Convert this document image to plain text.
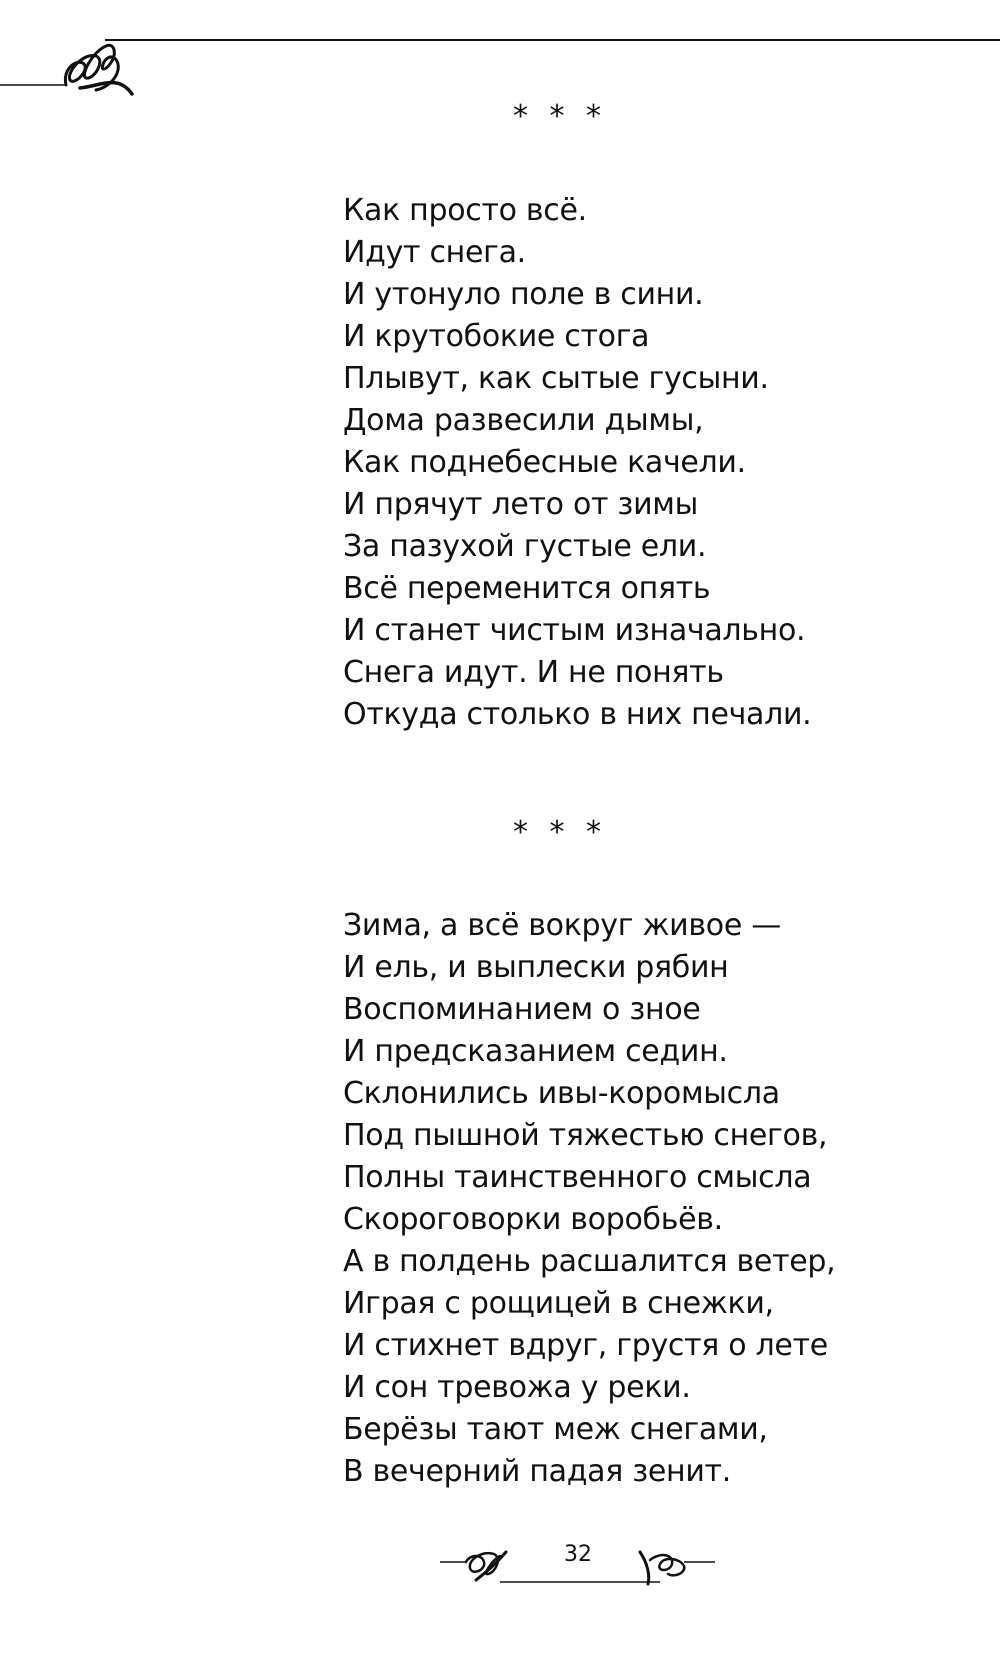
* * *
Как просто всё.
Идут снега.
И утонуло поле в сини.
И крутобокие стога
Плывут, как сытые гусыни.
Дома развесили дымы,
Как поднебесные качели.
И прячут лето от зимы
За пазухой густые ели.
Всё переменится опять
И станет чистым изначально.
Снега идут. И не понять
Откуда столько в них печали.
* * *
Зима, а всё вокруг живое —
И ель, и выплески рябин
Воспоминанием о зное
И предсказанием седин.
Склонились ивы-коромысла
Под пышной тяжестью снегов,
Полны таинственного смысла
Скороговорки воробьёв.
А в полдень расшалится ветер,
Играя с рощицей в снежки,
И стихнет вдруг, грустя о лете
И сон тревожа у реки.
Берёзы тают меж снегами,
В вечерний падая зенит.
32
